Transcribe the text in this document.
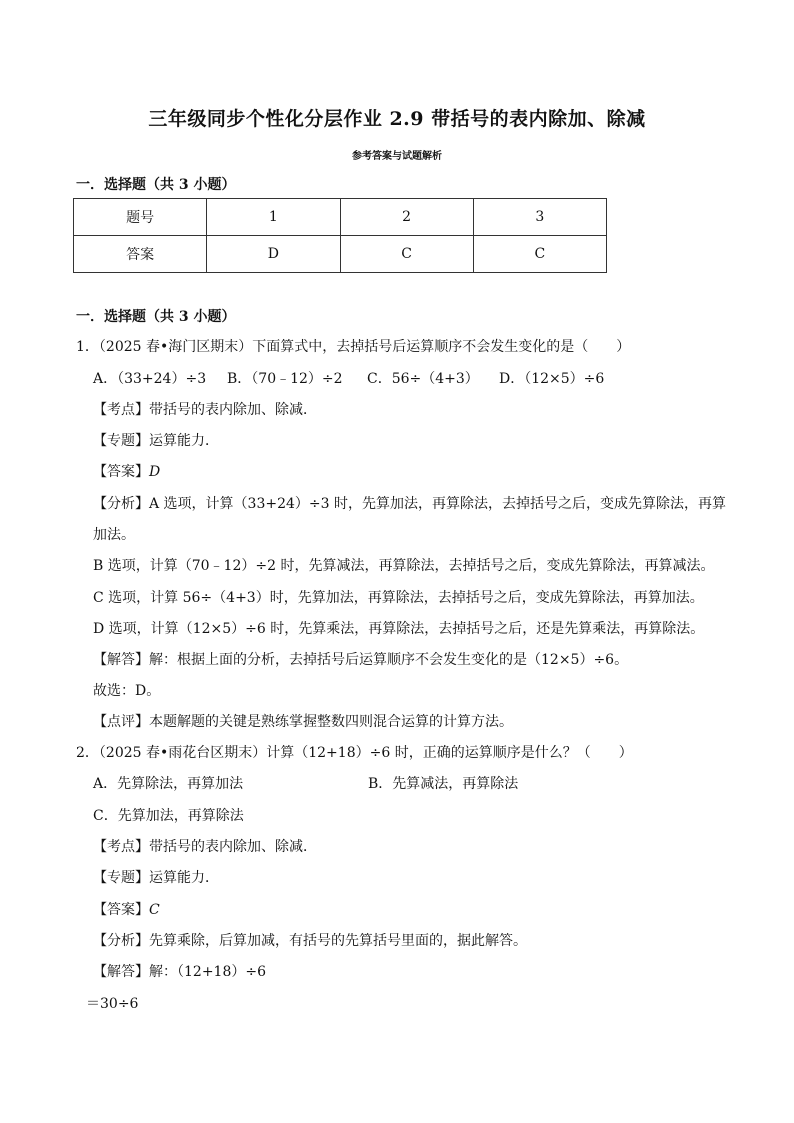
三年级同步个性化分层作业 2.9 带括号的表内除加、除减
参考答案与试题解析
一．选择题（共 3 小题）
题号	1	2	3
答案	D	C	C
一．选择题（共 3 小题）
1．（2025 春•海门区期末）下面算式中，去掉括号后运算顺序不会发生变化的是（　　）
A．（33+24）÷3 B．（70﹣12）÷2 C．56÷（4+3） D．（12×5）÷6
【考点】带括号的表内除加、除减．
【专题】运算能力．
【答案】D
【分析】A 选项，计算（33+24）÷3 时，先算加法，再算除法，去掉括号之后，变成先算除法，再算
加法。
B 选项，计算（70﹣12）÷2 时，先算减法，再算除法，去掉括号之后，变成先算除法，再算减法。
C 选项，计算 56÷（4+3）时，先算加法，再算除法，去掉括号之后，变成先算除法，再算加法。
D 选项，计算（12×5）÷6 时，先算乘法，再算除法，去掉括号之后，还是先算乘法，再算除法。
【解答】解：根据上面的分析，去掉括号后运算顺序不会发生变化的是（12×5）÷6。
故选：D。
【点评】本题解题的关键是熟练掌握整数四则混合运算的计算方法。
2．（2025 春•雨花台区期末）计算（12+18）÷6 时，正确的运算顺序是什么？（　　）
A．先算除法，再算加法	B．先算减法，再算除法
C．先算加法，再算除法
【考点】带括号的表内除加、除减．
【专题】运算能力．
【答案】C
【分析】先算乘除，后算加减，有括号的先算括号里面的，据此解答。
【解答】解：（12+18）÷6
＝30÷6
